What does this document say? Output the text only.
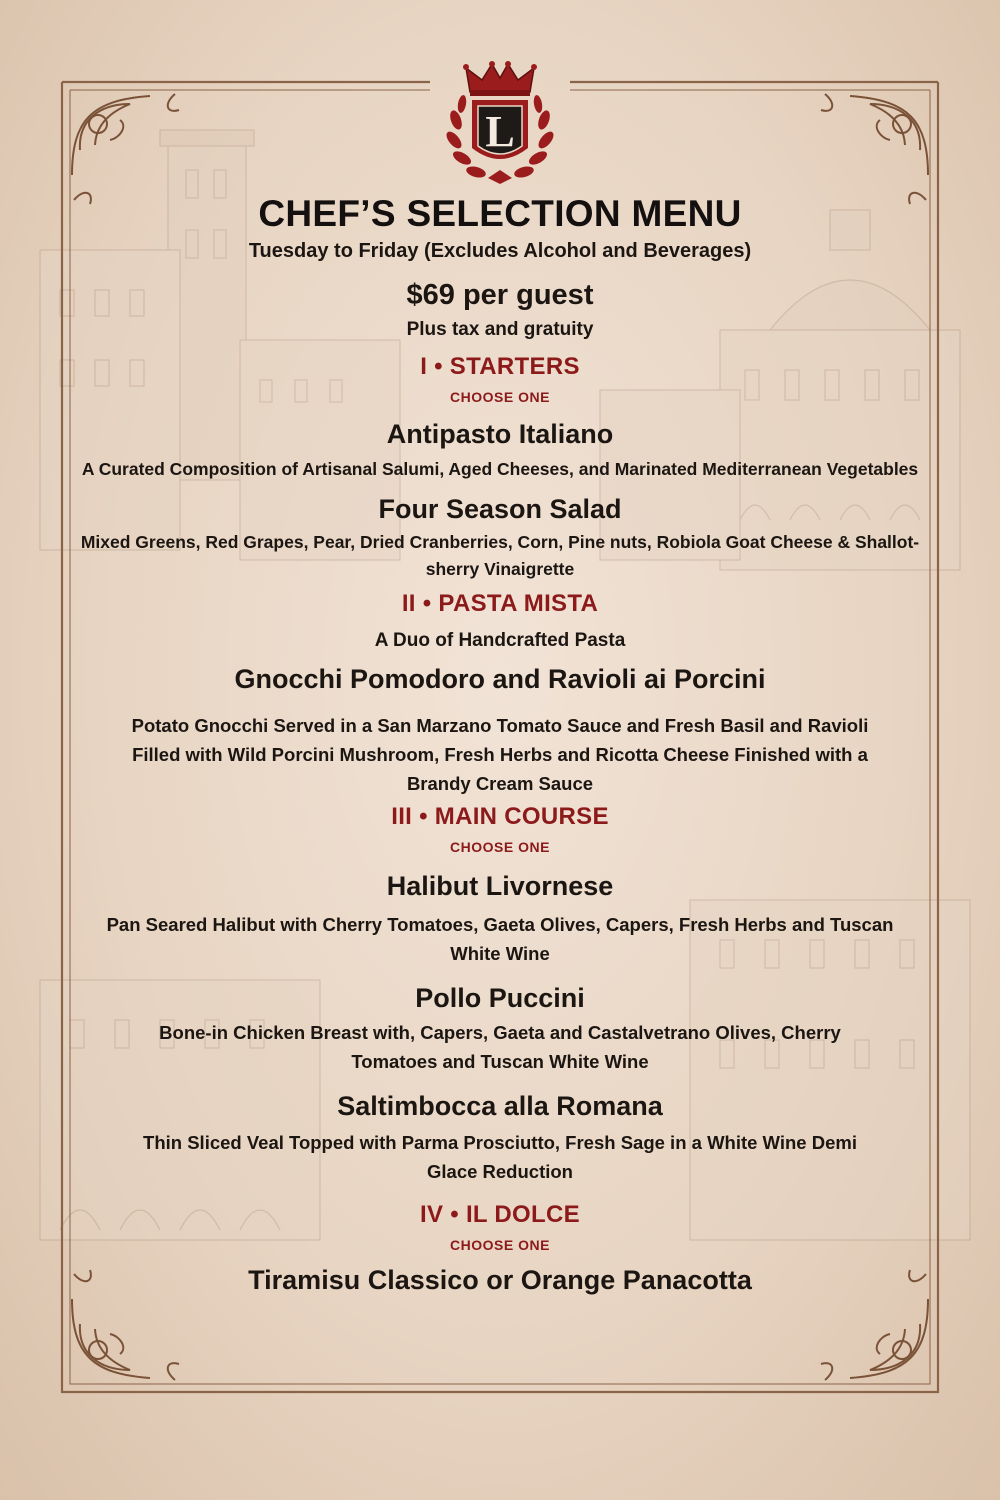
L
CHEF’S SELECTION MENU
Tuesday to Friday (Excludes Alcohol and Beverages)
$69 per guest
Plus tax and gratuity
I • STARTERS
CHOOSE ONE
Antipasto Italiano
A Curated Composition of Artisanal Salumi, Aged Cheeses, and Marinated Mediterranean Vegetables
Four Season Salad
Mixed Greens, Red Grapes, Pear, Dried Cranberries, Corn, Pine nuts, Robiola Goat Cheese & Shallot-sherry Vinaigrette
II • PASTA MISTA
A Duo of Handcrafted Pasta
Gnocchi Pomodoro and Ravioli ai Porcini
Potato Gnocchi Served in a San Marzano Tomato Sauce and Fresh Basil and Ravioli Filled with Wild Porcini Mushroom, Fresh Herbs and Ricotta Cheese Finished with a Brandy Cream Sauce
III • MAIN COURSE
CHOOSE ONE
Halibut Livornese
Pan Seared Halibut with Cherry Tomatoes, Gaeta Olives, Capers, Fresh Herbs and Tuscan White Wine
Pollo Puccini
Bone-in Chicken Breast with, Capers, Gaeta and Castalvetrano Olives, Cherry Tomatoes and Tuscan White Wine
Saltimbocca alla Romana
Thin Sliced Veal Topped with Parma Prosciutto, Fresh Sage in a White Wine Demi Glace Reduction
IV • IL DOLCE
CHOOSE ONE
Tiramisu Classico or Orange Panacotta
